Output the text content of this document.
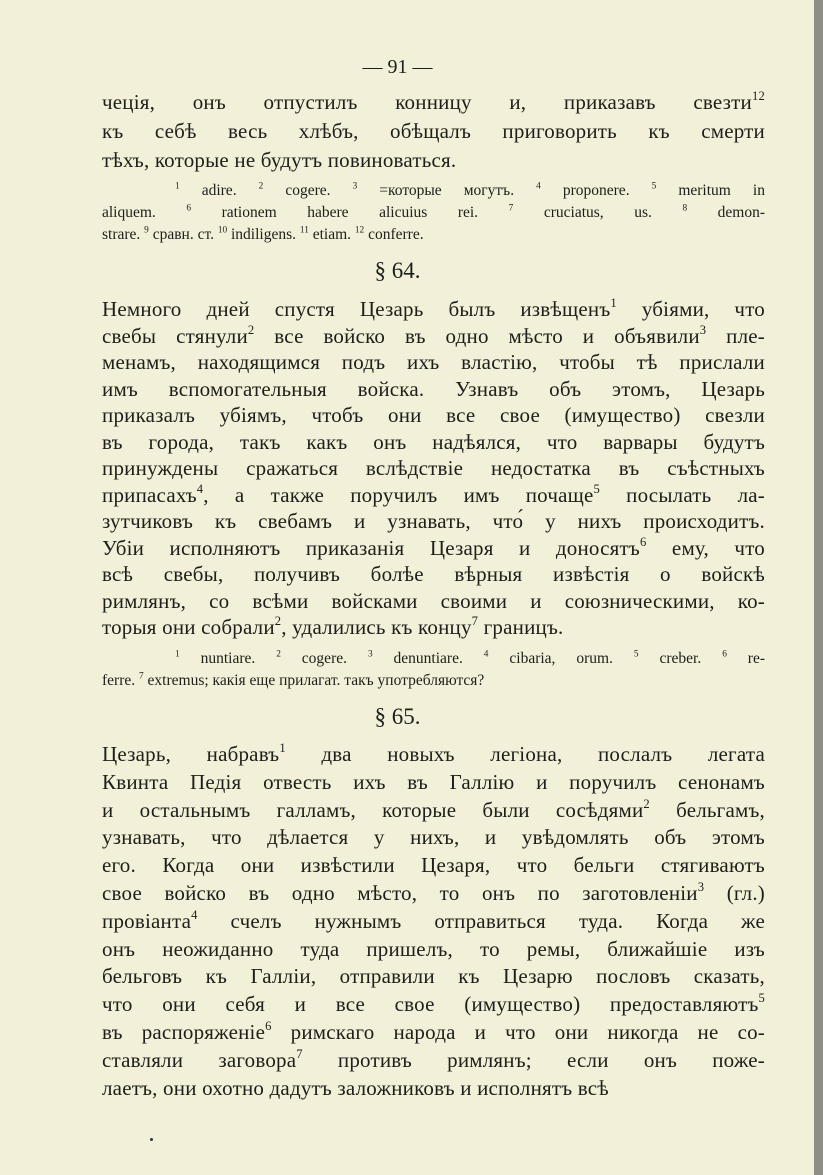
— 91 —
чеція, онъ отпустилъ конницу и, приказавъ свезти$^{12}$
къ себѣ весь хлѣбъ, обѣщалъ приговорить къ смерти
тѣхъ, которые не будутъ повиноваться.
$^1$ adire. $^2$ cogere. $^3$ =которые могутъ. $^4$ proponere. $^5$ meritum in
aliquem. $^6$ rationem habere alicuius rei. $^7$ cruciatus, us. $^8$ demon-
strare. $^9$ сравн. ст. $^{10}$ indiligens. $^{11}$ etiam. $^{12}$ conferre.
§ 64.
Немного дней спустя Цезарь былъ извѣщенъ$^1$ убіями, что
свебы стянули$^2$ все войско въ одно мѣсто и объявили$^3$ пле-
менамъ, находящимся подъ ихъ властію, чтобы тѣ прислали
имъ вспомогательныя войска. Узнавъ объ этомъ, Цезарь
приказалъ убіямъ, чтобъ они все свое (имущество) свезли
въ города, такъ какъ онъ надѣялся, что варвары будутъ
принуждены сражаться вслѣдствіе недостатка въ съѣстныхъ
припасахъ$^4$, а также поручилъ имъ почаще$^5$ посылать ла-
зутчиковъ къ свебамъ и узнавать, что́ у нихъ происходитъ.
Убіи исполняютъ приказанія Цезаря и доносятъ$^6$ ему, что
всѣ свебы, получивъ болѣе вѣрныя извѣстія о войскѣ
римлянъ, со всѣми войсками своими и союзническими, ко-
торыя они собрали$^2$, удалились къ концу$^7$ границъ.
$^1$ nuntiare. $^2$ cogere. $^3$ denuntiare. $^4$ cibaria, orum. $^5$ creber. $^6$ re-
ferre. $^7$ extremus; какія еще прилагат. такъ употребляются?
§ 65.
Цезарь, набравъ$^1$ два новыхъ легіона, послалъ легата
Квинта Педія отвесть ихъ въ Галлію и поручилъ сенонамъ
и остальнымъ галламъ, которые были сосѣдями$^2$ бельгамъ,
узнавать, что дѣлается у нихъ, и увѣдомлять объ этомъ
его. Когда они извѣстили Цезаря, что бельги стягиваютъ
свое войско въ одно мѣсто, то онъ по заготовленіи$^3$ (гл.)
провіанта$^4$ счелъ нужнымъ отправиться туда. Когда же
онъ неожиданно туда пришелъ, то ремы, ближайшіе изъ
бельговъ къ Галліи, отправили къ Цезарю пословъ сказать,
что они себя и все свое (имущество) предоставляютъ$^5$
въ распоряженіе$^6$ римскаго народа и что они никогда не со-
ставляли заговора$^7$ противъ римлянъ; если онъ поже-
лаетъ, они охотно дадутъ заложниковъ и исполнятъ всѣ
